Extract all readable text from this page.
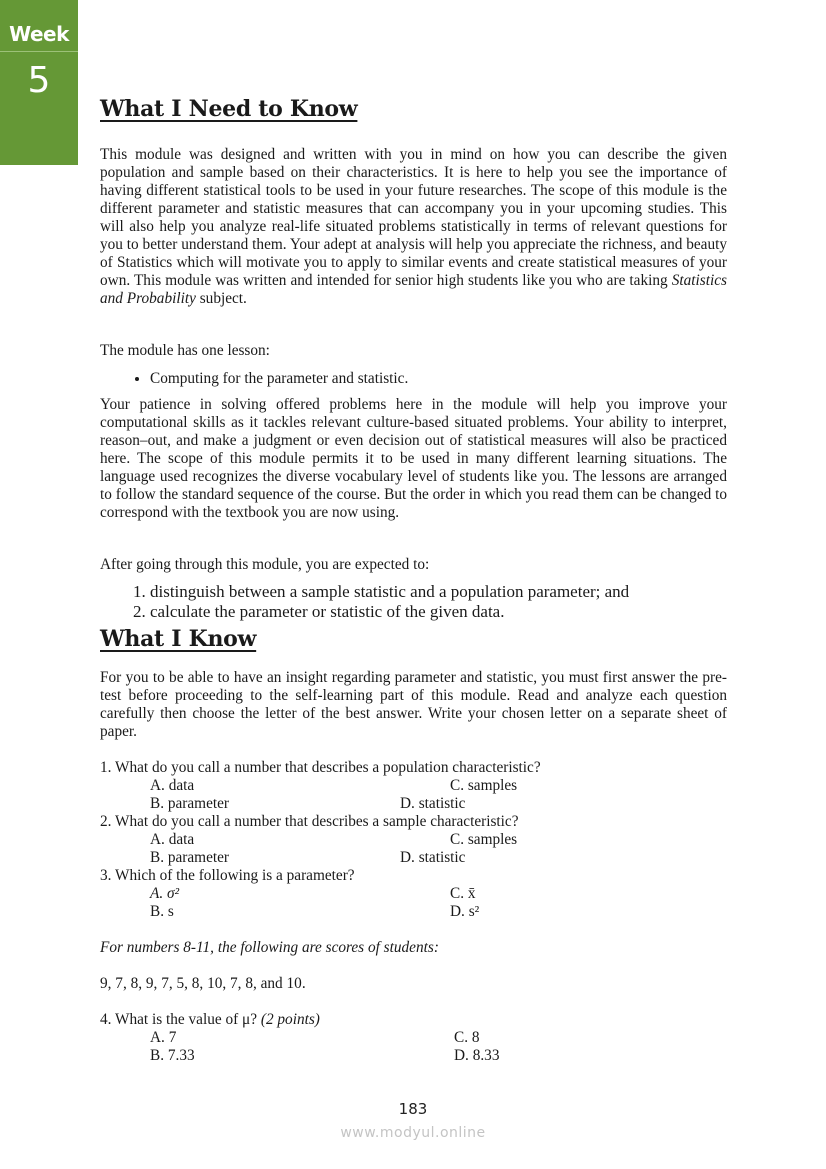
Week
5
What I Need to Know

This module was designed and written with you in mind on how you can describe the given population and sample based on their characteristics. It is here to help you see the importance of having different statistical tools to be used in your future researches. The scope of this module is the different parameter and statistic measures that can accompany you in your upcoming studies. This will also help you analyze real-life situated problems statistically in terms of relevant questions for you to better understand them. Your adept at analysis will help you appreciate the richness, and beauty of Statistics which will motivate you to apply to similar events and create statistical measures of your own. This module was written and intended for senior high students like you who are taking Statistics and Probability subject.

The module has one lesson:

• Computing for the parameter and statistic.

Your patience in solving offered problems here in the module will help you improve your computational skills as it tackles relevant culture-based situated problems. Your ability to interpret, reason–out, and make a judgment or even decision out of statistical measures will also be practiced here. The scope of this module permits it to be used in many different learning situations. The language used recognizes the diverse vocabulary level of students like you. The lessons are arranged to follow the standard sequence of the course. But the order in which you read them can be changed to correspond with the textbook you are now using.

After going through this module, you are expected to:

1. distinguish between a sample statistic and a population parameter; and
2. calculate the parameter or statistic of the given data.
What I Know

For you to be able to have an insight regarding parameter and statistic, you must first answer the pre-test before proceeding to the self-learning part of this module. Read and analyze each question carefully then choose the letter of the best answer. Write your chosen letter on a separate sheet of paper.

1. What do you call a number that describes a population characteristic?

A. data	C. samples
B. parameter	D. statistic

2. What do you call a number that describes a sample characteristic?

A. data	C. samples
B. parameter	D. statistic

3. Which of the following is a parameter?

A. σ²	C. x̄
B. s	D. s²

For numbers 8-11, the following are scores of students:

9, 7, 8, 9, 7, 5, 8, 10, 7, 8, and 10.

4. What is the value of μ? (2 points)

A. 7	C. 8
B. 7.33	D. 8.33
183
www.modyul.online
